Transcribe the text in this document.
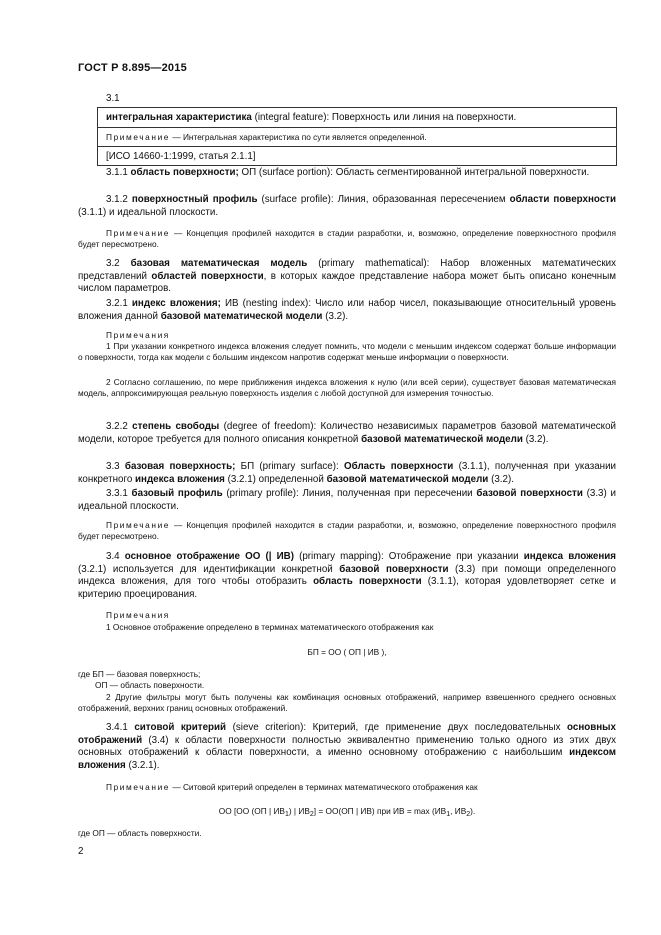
ГОСТ Р 8.895—2015
3.1
интегральная характеристика (integral feature): Поверхность или линия на поверхности.
Примечание — Интегральная характеристика по сути является определенной.
[ИСО 14660-1:1999, статья 2.1.1]
3.1.1 область поверхности; ОП (surface portion): Область сегментированной интегральной поверхности.
3.1.2 поверхностный профиль (surface profile): Линия, образованная пересечением области поверхности (3.1.1) и идеальной плоскости.
Примечание — Концепция профилей находится в стадии разработки, и, возможно, определение поверхностного профиля будет пересмотрено.
3.2 базовая математическая модель (primary mathematical): Набор вложенных математических представлений областей поверхности, в которых каждое представление набора может быть описано конечным числом параметров.
3.2.1 индекс вложения; ИВ (nesting index): Число или набор чисел, показывающие относительный уровень вложения данной базовой математической модели (3.2).
Примечания
1 При указании конкретного индекса вложения следует помнить, что модели с меньшим индексом содержат больше информации о поверхности, тогда как модели с большим индексом напротив содержат меньше информации о поверхности.
2 Согласно соглашению, по мере приближения индекса вложения к нулю (или всей серии), существует базовая математическая модель, аппроксимирующая реальную поверхность изделия с любой доступной для измерения точностью.
3.2.2 степень свободы (degree of freedom): Количество независимых параметров базовой математической модели, которое требуется для полного описания конкретной базовой математической модели (3.2).
3.3 базовая поверхность; БП (primary surface): Область поверхности (3.1.1), полученная при указании конкретного индекса вложения (3.2.1) определенной базовой математической модели (3.2).
3.3.1 базовый профиль (primary profile): Линия, полученная при пересечении базовой поверхности (3.3) и идеальной плоскости.
Примечание — Концепция профилей находится в стадии разработки, и, возможно, определение поверхностного профиля будет пересмотрено.
3.4 основное отображение ОО (| ИВ) (primary mapping): Отображение при указании индекса вложения (3.2.1) используется для идентификации конкретной базовой поверхности (3.3) при помощи определенного индекса вложения, для того чтобы отобразить область поверхности (3.1.1), которая удовлетворяет сетке и критерию проецирования.
Примечания
1 Основное отображение определено в терминах математического отображения как
БП = ОО ( ОП | ИВ ),
где БП — базовая поверхность;
ОП — область поверхности.
2 Другие фильтры могут быть получены как комбинация основных отображений, например взвешенного среднего основных отображений, верхних границ основных отображений.
3.4.1 ситовой критерий (sieve criterion): Критерий, где применение двух последовательных основных отображений (3.4) к области поверхности полностью эквивалентно применению только одного из этих двух основных отображений к области поверхности, а именно основному отображению с наибольшим индексом вложения (3.2.1).
Примечание — Ситовой критерий определен в терминах математического отображения как
ОО [ОО (ОП | $ИВ_1$) | $ИВ_2] = ОО(ОП$ | ИВ) при ИВ = $\max (ИВ_1$, $ИВ_2$).
где ОП — область поверхности.
2
